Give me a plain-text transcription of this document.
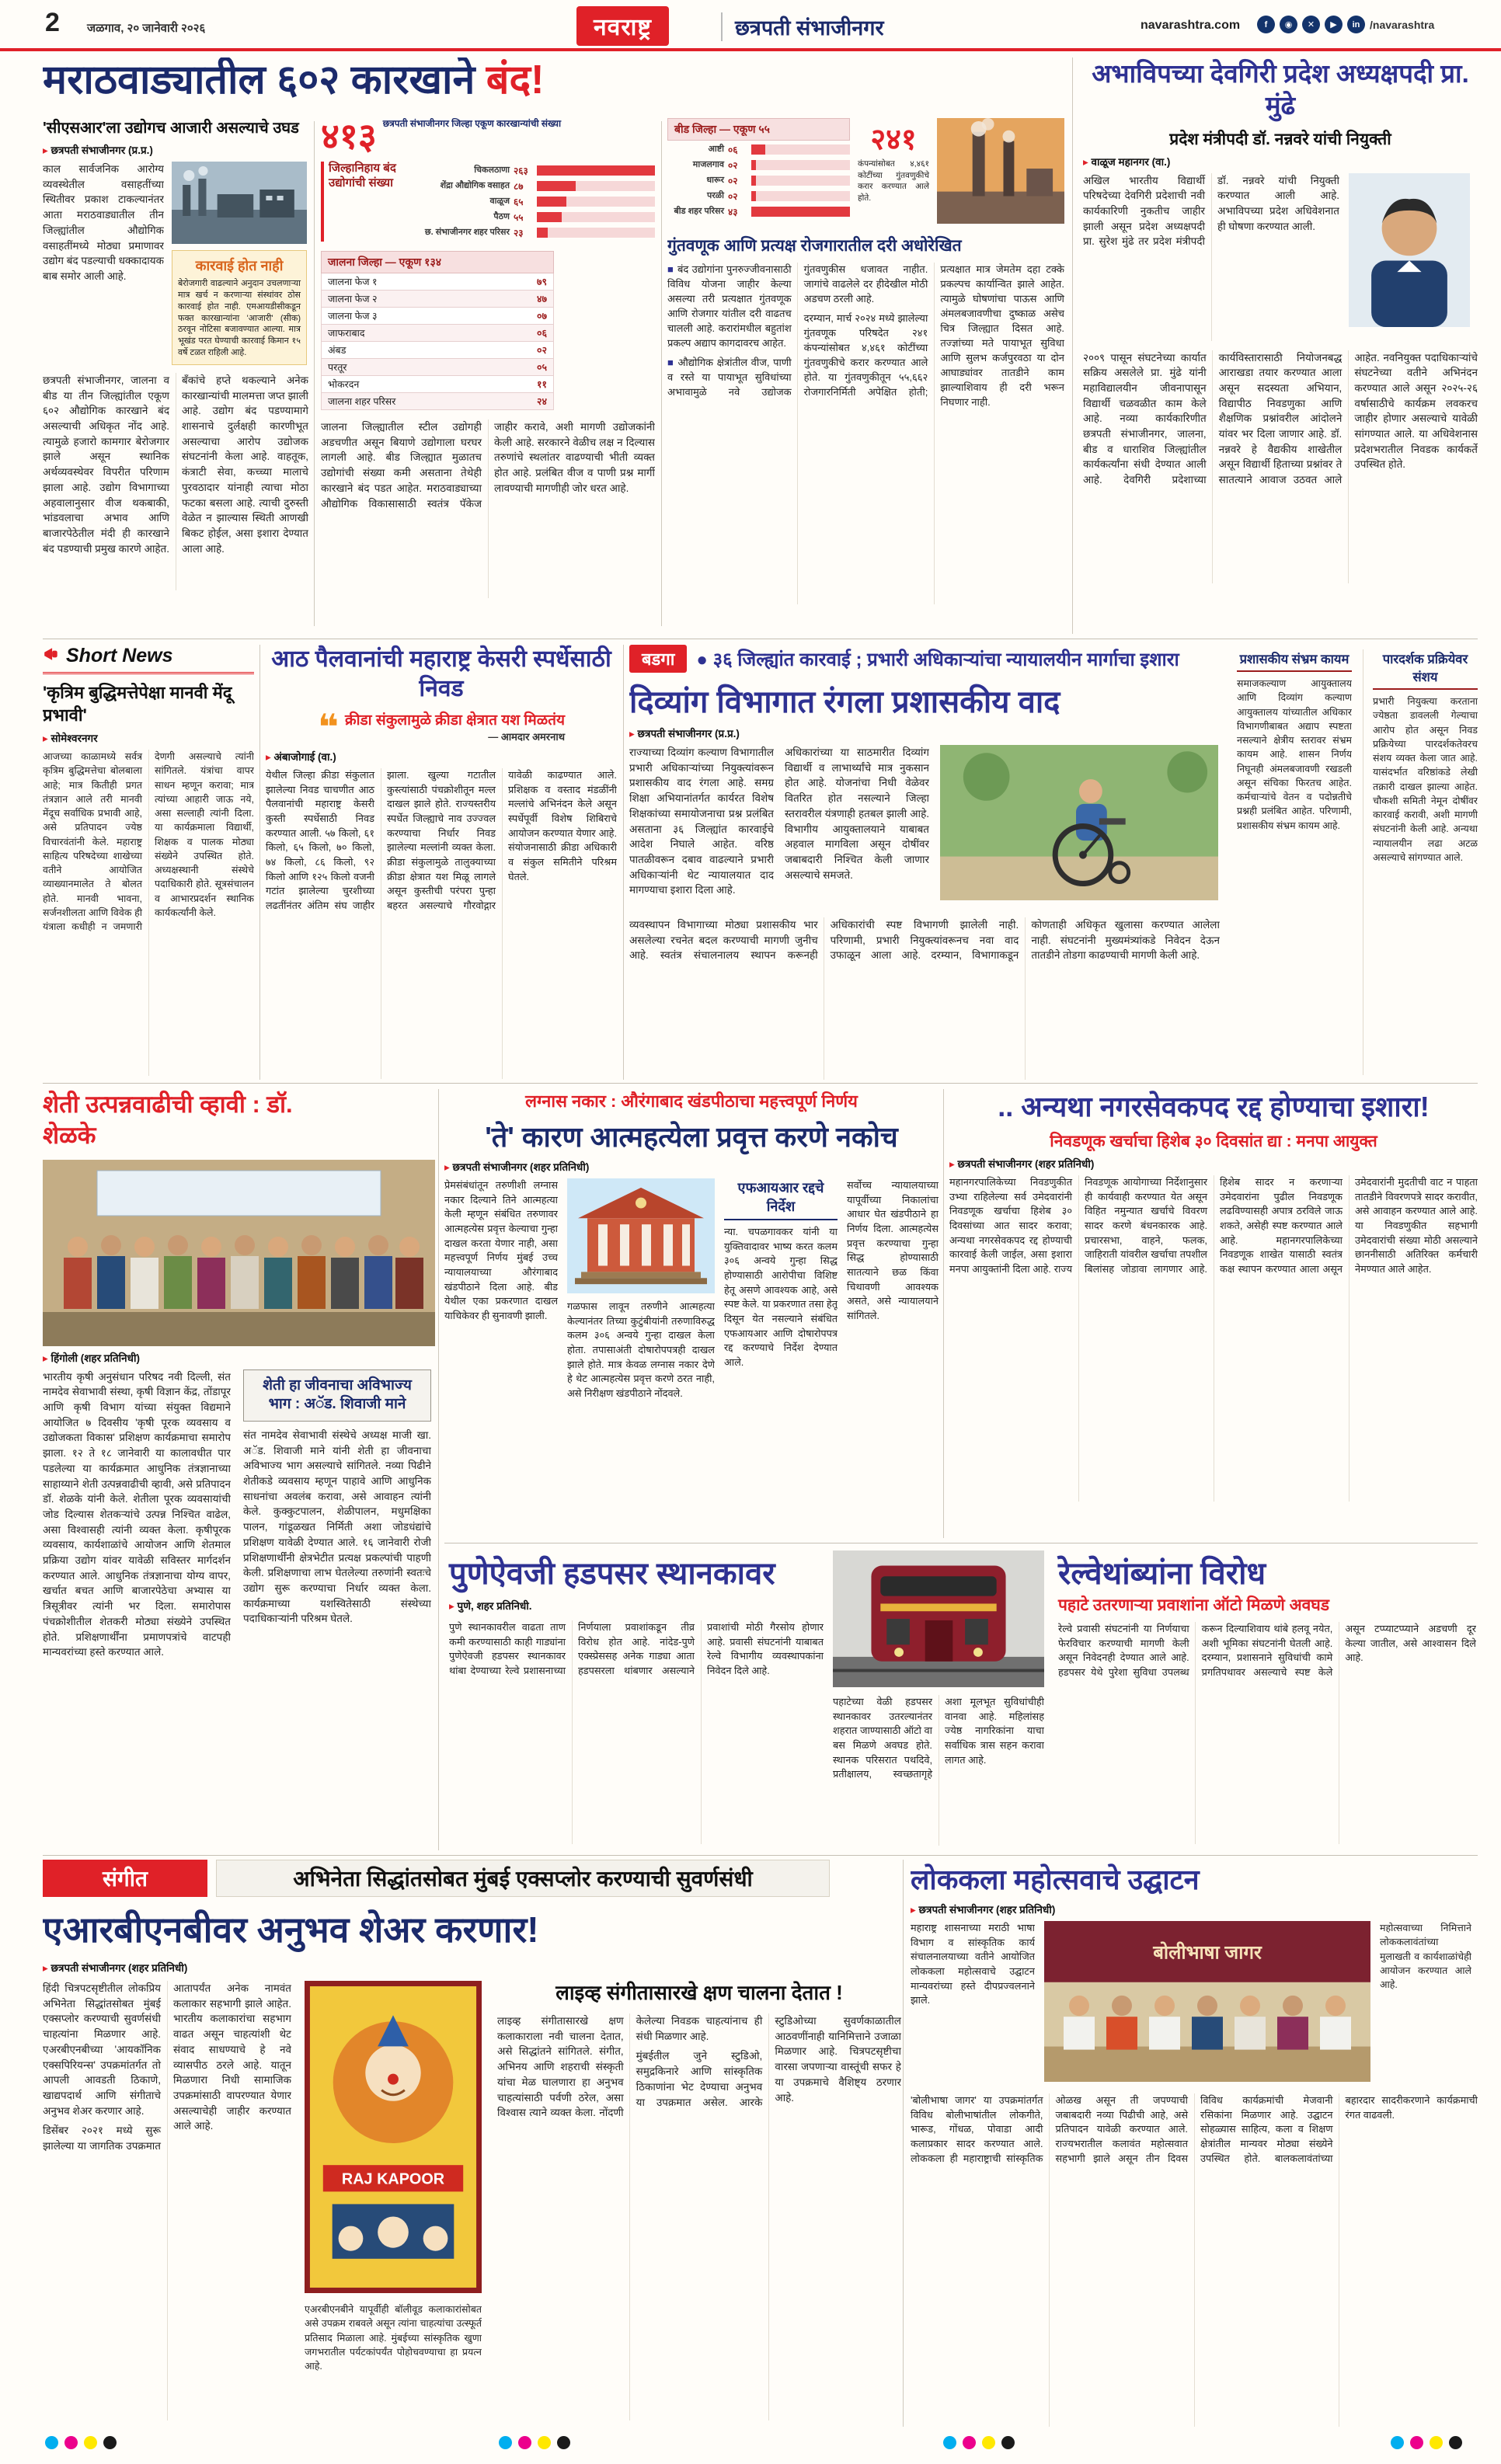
2 जळगाव, २० जानेवारी २०२६	नवराष्ट्र	छत्रपती संभाजीनगर	navarashtra.com	f	◉	✕	▶	in /navarashtra
मराठवाड्यातील ६०२ कारखाने बंद!
'सीएसआर'ला उद्योगच आजारी असल्याचे उघड
▸ छत्रपती संभाजीनगर (प्र.प्र.)
काल सार्वजनिक आरोग्य व्यवस्थेतील वसाहतींच्या स्थितीवर प्रकाश टाकल्यानंतर आता मराठवाड्यातील तीन जिल्ह्यांतील औद्योगिक वसाहतींमध्ये मोठ्या प्रमाणावर उद्योग बंद पडल्याची धक्कादायक बाब समोर आली आहे.
कारवाई होत नाही
बेरोजगारी वाढल्याने अनुदान उचलणाऱ्या मात्र खर्च न करणाऱ्या संस्थांवर ठोस कारवाई होत नाही. एमआयडीसीकडून फक्त कारखान्यांना 'आजारी' (सीक) ठरवून नोटिसा बजावण्यात आल्या. मात्र भूखंड परत घेण्याची कारवाई किमान १५ वर्षे टळत राहिली आहे.
छत्रपती संभाजीनगर, जालना व बीड या तीन जिल्ह्यांतील एकूण ६०२ औद्योगिक कारखाने बंद असल्याची अधिकृत नोंद आहे. त्यामुळे हजारो कामगार बेरोजगार झाले असून स्थानिक अर्थव्यवस्थेवर विपरीत परिणाम झाला आहे. उद्योग विभागाच्या अहवालानुसार वीज थकबाकी, भांडवलाचा अभाव आणि बाजारपेठेतील मंदी ही कारखाने बंद पडण्याची प्रमुख कारणे आहेत. बँकांचे हप्ते थकल्याने अनेक कारखान्यांची मालमत्ता जप्त झाली आहे. उद्योग बंद पडण्यामागे शासनाचे दुर्लक्षही कारणीभूत असल्याचा आरोप उद्योजक संघटनांनी केला आहे. वाहतूक, कंत्राटी सेवा, कच्च्या मालाचे पुरवठादार यांनाही त्याचा मोठा फटका बसला आहे. त्याची दुरुस्ती वेळेत न झाल्यास स्थिती आणखी बिकट होईल, असा इशारा देण्यात आला आहे.
४१३ छत्रपती संभाजीनगर जिल्हा एकूण कारखान्यांची संख्या
जिल्हानिहाय बंद उद्योगांची संख्या
चिकलठाणा २६३
शेंद्रा औद्योगिक वसाहत ८७
वाळूज ६५
पैठण ५५
छ. संभाजीनगर शहर परिसर २३
जालना जिल्हा — एकूण १३४
जालना फेज १	७९
जालना फेज २	४७
जालना फेज ३	०७
जाफराबाद	०६
अंबड	०२
परतूर	०५
भोकरदन	११
जालना शहर परिसर	२४
जालना जिल्ह्यातील स्टील उद्योगही अडचणीत असून बियाणे उद्योगाला घरघर लागली आहे. बीड जिल्ह्यात मुळातच उद्योगांची संख्या कमी असताना तेथेही कारखाने बंद पडत आहेत. मराठवाड्याच्या औद्योगिक विकासासाठी स्वतंत्र पॅकेज जाहीर करावे, अशी मागणी उद्योजकांनी केली आहे. सरकारने वेळीच लक्ष न दिल्यास तरुणांचे स्थलांतर वाढण्याची भीती व्यक्त होत आहे. प्रलंबित वीज व पाणी प्रश्न मार्गी लावण्याची मागणीही जोर धरत आहे.
बीड जिल्हा — एकूण ५५
आष्टी ०६
माजलगाव ०२
धारूर ०२
परळी ०२
बीड शहर परिसर ४३
२४१
कंपन्यांसोबत ४,४६१ कोटींच्या गुंतवणुकीचे करार करण्यात आले होते.
गुंतवणूक आणि प्रत्यक्ष रोजगारातील दरी अधोरेखित

■ बंद उद्योगांना पुनरुज्जीवनासाठी विविध योजना जाहीर केल्या असल्या तरी प्रत्यक्षात गुंतवणूक आणि रोजगार यांतील दरी वाढतच चालली आहे. करारांमधील बहुतांश प्रकल्प अद्याप कागदावरच आहेत.

■ औद्योगिक क्षेत्रांतील वीज, पाणी व रस्ते या पायाभूत सुविधांच्या अभावामुळे नवे उद्योजक गुंतवणुकीस धजावत नाहीत. जागांचे वाढलेले दर हीदेखील मोठी अडचण ठरली आहे.

दरम्यान, मार्च २०२४ मध्ये झालेल्या गुंतवणूक परिषदेत २४१ कंपन्यांसोबत ४,४६१ कोटींच्या गुंतवणुकीचे करार करण्यात आले होते. या गुंतवणुकीतून ५५,६६२ रोजगारनिर्मिती अपेक्षित होती; प्रत्यक्षात मात्र जेमतेम दहा टक्के प्रकल्पच कार्यान्वित झाले आहेत. त्यामुळे घोषणांचा पाऊस आणि अंमलबजावणीचा दुष्काळ असेच चित्र जिल्ह्यात दिसत आहे. तज्ज्ञांच्या मते पायाभूत सुविधा आणि सुलभ कर्जपुरवठा या दोन आघाड्यांवर तातडीने काम झाल्याशिवाय ही दरी भरून निघणार नाही.

अभाविपच्या देवगिरी प्रदेश अध्यक्षपदी प्रा. मुंढे
प्रदेश मंत्रीपदी डॉ. नन्नवरे यांची नियुक्ती
▸ वाळूज महानगर (वा.)
अखिल भारतीय विद्यार्थी परिषदेच्या देवगिरी प्रदेशाची नवी कार्यकारिणी नुकतीच जाहीर झाली असून प्रदेश अध्यक्षपदी प्रा. सुरेश मुंढे तर प्रदेश मंत्रीपदी डॉ. नन्नवरे यांची नियुक्ती करण्यात आली आहे. अभाविपच्या प्रदेश अधिवेशनात ही घोषणा करण्यात आली.
२००९ पासून संघटनेच्या कार्यात सक्रिय असलेले प्रा. मुंढे यांनी महाविद्यालयीन जीवनापासून विद्यार्थी चळवळीत काम केले आहे. नव्या कार्यकारिणीत छत्रपती संभाजीनगर, जालना, बीड व धाराशिव जिल्ह्यांतील कार्यकर्त्यांना संधी देण्यात आली आहे. देवगिरी प्रदेशाच्या कार्यविस्तारासाठी नियोजनबद्ध आराखडा तयार करण्यात आला असून सदस्यता अभियान, विद्यापीठ निवडणुका आणि शैक्षणिक प्रश्नांवरील आंदोलने यांवर भर दिला जाणार आहे. डॉ. नन्नवरे हे वैद्यकीय शाखेतील असून विद्यार्थी हिताच्या प्रश्नांवर ते सातत्याने आवाज उठवत आले आहेत. नवनियुक्त पदाधिकाऱ्यांचे संघटनेच्या वतीने अभिनंदन करण्यात आले असून २०२५-२६ वर्षासाठीचे कार्यक्रम लवकरच जाहीर होणार असल्याचे यावेळी सांगण्यात आले. या अधिवेशनास प्रदेशभरातील निवडक कार्यकर्ते उपस्थित होते.
Short News
'कृत्रिम बुद्धिमत्तेपेक्षा मानवी मेंदू प्रभावी'
▸ सोमेश्वरनगर
आजच्या काळामध्ये सर्वत्र कृत्रिम बुद्धिमत्तेचा बोलबाला आहे; मात्र कितीही प्रगत तंत्रज्ञान आले तरी मानवी मेंदूच सर्वाधिक प्रभावी आहे, असे प्रतिपादन ज्येष्ठ विचारवंतांनी केले. महाराष्ट्र साहित्य परिषदेच्या शाखेच्या वतीने आयोजित व्याख्यानमालेत ते बोलत होते. मानवी भावना, सर्जनशीलता आणि विवेक ही यंत्राला कधीही न जमणारी देणगी असल्याचे त्यांनी सांगितले. यंत्रांचा वापर साधन म्हणून करावा; मात्र त्यांच्या आहारी जाऊ नये, असा सल्लाही त्यांनी दिला. या कार्यक्रमाला विद्यार्थी, शिक्षक व पालक मोठ्या संख्येने उपस्थित होते. अध्यक्षस्थानी संस्थेचे पदाधिकारी होते. सूत्रसंचालन व आभारप्रदर्शन स्थानिक कार्यकर्त्यांनी केले.
आठ पैलवानांची महाराष्ट्र केसरी स्पर्धेसाठी निवड
❝ क्रीडा संकुलामुळे क्रीडा क्षेत्रात यश मिळतंय
— आमदार अमरनाथ
▸ अंबाजोगाई (वा.)
येथील जिल्हा क्रीडा संकुलात झालेल्या निवड चाचणीत आठ पैलवानांची महाराष्ट्र केसरी कुस्ती स्पर्धेसाठी निवड करण्यात आली. ५७ किलो, ६१ किलो, ६५ किलो, ७० किलो, ७४ किलो, ८६ किलो, ९२ किलो आणि १२५ किलो वजनी गटांत झालेल्या चुरशीच्या लढतींनंतर अंतिम संघ जाहीर झाला. खुल्या गटातील कुस्त्यांसाठी पंचक्रोशीतून मल्ल दाखल झाले होते. राज्यस्तरीय स्पर्धेत जिल्ह्याचे नाव उज्ज्वल करण्याचा निर्धार निवड झालेल्या मल्लांनी व्यक्त केला. क्रीडा संकुलामुळे तालुक्याच्या क्रीडा क्षेत्रात यश मिळू लागले असून कुस्तीची परंपरा पुन्हा बहरत असल्याचे गौरवोद्गार यावेळी काढण्यात आले. प्रशिक्षक व वस्ताद मंडळींनी मल्लांचे अभिनंदन केले असून स्पर्धेपूर्वी विशेष शिबिराचे आयोजन करण्यात येणार आहे. संयोजनासाठी क्रीडा अधिकारी व संकुल समितीने परिश्रम घेतले.
बडगा	● ३६ जिल्ह्यांत कारवाई ; प्रभारी अधिकाऱ्यांचा न्यायालयीन मार्गाचा इशारा
दिव्यांग विभागात रंगला प्रशासकीय वाद
▸ छत्रपती संभाजीनगर (प्र.प्र.)
राज्याच्या दिव्यांग कल्याण विभागातील प्रभारी अधिकाऱ्यांच्या नियुक्त्यांवरून प्रशासकीय वाद रंगला आहे. समग्र शिक्षा अभियानांतर्गत कार्यरत विशेष शिक्षकांच्या समायोजनाचा प्रश्न प्रलंबित असताना ३६ जिल्ह्यांत कारवाईचे आदेश निघाले आहेत. वरिष्ठ पातळीवरून दबाव वाढल्याने प्रभारी अधिकाऱ्यांनी थेट न्यायालयात दाद मागण्याचा इशारा दिला आहे.
अधिकारांच्या या साठमारीत दिव्यांग विद्यार्थी व लाभार्थ्यांचे मात्र नुकसान होत आहे. योजनांचा निधी वेळेवर वितरित होत नसल्याने जिल्हा स्तरावरील यंत्रणाही हतबल झाली आहे. विभागीय आयुक्तालयाने याबाबत अहवाल मागविला असून दोषींवर जबाबदारी निश्चित केली जाणार असल्याचे समजते.
व्यवस्थापन विभागाच्या मोठ्या प्रशासकीय भार असलेल्या रचनेत बदल करण्याची मागणी जुनीच आहे. स्वतंत्र संचालनालय स्थापन करूनही अधिकारांची स्पष्ट विभागणी झालेली नाही. परिणामी, प्रभारी नियुक्त्यांवरूनच नवा वाद उफाळून आला आहे. दरम्यान, विभागाकडून कोणताही अधिकृत खुलासा करण्यात आलेला नाही. संघटनांनी मुख्यमंत्र्यांकडे निवेदन देऊन तातडीने तोडगा काढण्याची मागणी केली आहे.
प्रशासकीय संभ्रम कायम
समाजकल्याण आयुक्तालय आणि दिव्यांग कल्याण आयुक्तालय यांच्यातील अधिकार विभागणीबाबत अद्याप स्पष्टता नसल्याने क्षेत्रीय स्तरावर संभ्रम कायम आहे. शासन निर्णय निघूनही अंमलबजावणी रखडली असून संचिका फिरतच आहेत. कर्मचाऱ्यांचे वेतन व पदोन्नतीचे प्रश्नही प्रलंबित आहेत. परिणामी, प्रशासकीय संभ्रम कायम आहे.
पारदर्शक प्रक्रियेवर संशय
प्रभारी नियुक्त्या करताना ज्येष्ठता डावलली गेल्याचा आरोप होत असून निवड प्रक्रियेच्या पारदर्शकतेवरच संशय व्यक्त केला जात आहे. यासंदर्भात वरिष्ठांकडे लेखी तक्रारी दाखल झाल्या आहेत. चौकशी समिती नेमून दोषींवर कारवाई करावी, अशी मागणी संघटनांनी केली आहे. अन्यथा न्यायालयीन लढा अटळ असल्याचे सांगण्यात आले.
शेती उत्पन्नवाढीची व्हावी : डॉ. शेळके
▸ हिंगोली (शहर प्रतिनिधी)
भारतीय कृषी अनुसंधान परिषद नवी दिल्ली, संत नामदेव सेवाभावी संस्था, कृषी विज्ञान केंद्र, तोंडापूर आणि कृषी विभाग यांच्या संयुक्त विद्यमाने आयोजित ७ दिवसीय 'कृषी पूरक व्यवसाय व उद्योजकता विकास' प्रशिक्षण कार्यक्रमाचा समारोप झाला. १२ ते १८ जानेवारी या कालावधीत पार पडलेल्या या कार्यक्रमात आधुनिक तंत्रज्ञानाच्या साहाय्याने शेती उत्पन्नवाढीची व्हावी, असे प्रतिपादन डॉ. शेळके यांनी केले. शेतीला पूरक व्यवसायांची जोड दिल्यास शेतकऱ्यांचे उत्पन्न निश्चित वाढेल, असा विश्वासही त्यांनी व्यक्त केला. कृषीपूरक व्यवसाय, कार्यशाळांचे आयोजन आणि शेतमाल प्रक्रिया उद्योग यांवर यावेळी सविस्तर मार्गदर्शन करण्यात आले. आधुनिक तंत्रज्ञानाचा योग्य वापर, खर्चात बचत आणि बाजारपेठेचा अभ्यास या त्रिसूत्रीवर त्यांनी भर दिला. समारोपास पंचक्रोशीतील शेतकरी मोठ्या संख्येने उपस्थित होते. प्रशिक्षणार्थींना प्रमाणपत्रांचे वाटपही मान्यवरांच्या हस्ते करण्यात आले.
शेती हा जीवनाचा अविभाज्य भाग : अॅड. शिवाजी माने
संत नामदेव सेवाभावी संस्थेचे अध्यक्ष माजी खा. अॅड. शिवाजी माने यांनी शेती हा जीवनाचा अविभाज्य भाग असल्याचे सांगितले. नव्या पिढीने शेतीकडे व्यवसाय म्हणून पाहावे आणि आधुनिक साधनांचा अवलंब करावा, असे आवाहन त्यांनी केले. कुक्कुटपालन, शेळीपालन, मधुमक्षिका पालन, गांडूळखत निर्मिती अशा जोडधंद्यांचे प्रशिक्षण यावेळी देण्यात आले. १६ जानेवारी रोजी प्रशिक्षणार्थींनी क्षेत्रभेटीत प्रत्यक्ष प्रकल्पांची पाहणी केली. प्रशिक्षणाचा लाभ घेतलेल्या तरुणांनी स्वतःचे उद्योग सुरू करण्याचा निर्धार व्यक्त केला. कार्यक्रमाच्या यशस्वितेसाठी संस्थेच्या पदाधिकाऱ्यांनी परिश्रम घेतले.
लग्नास नकार : औरंगाबाद खंडपीठाचा महत्त्वपूर्ण निर्णय
'ते' कारण आत्महत्येला प्रवृत्त करणे नकोच
▸ छत्रपती संभाजीनगर (शहर प्रतिनिधी)
प्रेमसंबंधांतून तरुणीशी लग्नास नकार दिल्याने तिने आत्महत्या केली म्हणून संबंधित तरुणावर आत्महत्येस प्रवृत्त केल्याचा गुन्हा दाखल करता येणार नाही, असा महत्त्वपूर्ण निर्णय मुंबई उच्च न्यायालयाच्या औरंगाबाद खंडपीठाने दिला आहे. बीड येथील एका प्रकरणात दाखल याचिकेवर ही सुनावणी झाली.
गळफास लावून तरुणीने आत्महत्या केल्यानंतर तिच्या कुटुंबीयांनी तरुणाविरुद्ध कलम ३०६ अन्वये गुन्हा दाखल केला होता. तपासाअंती दोषारोपपत्रही दाखल झाले होते. मात्र केवळ लग्नास नकार देणे हे थेट आत्महत्येस प्रवृत्त करणे ठरत नाही, असे निरीक्षण खंडपीठाने नोंदवले.
एफआयआर रद्दचे निर्देश
न्या. चपळगावकर यांनी या युक्तिवादावर भाष्य करत कलम ३०६ अन्वये गुन्हा सिद्ध होण्यासाठी आरोपीचा विशिष्ट हेतू असणे आवश्यक आहे, असे स्पष्ट केले. या प्रकरणात तसा हेतू दिसून येत नसल्याने संबंधित एफआयआर आणि दोषारोपपत्र रद्द करण्याचे निर्देश देण्यात आले.
सर्वोच्च न्यायालयाच्या यापूर्वीच्या निकालांचा आधार घेत खंडपीठाने हा निर्णय दिला. आत्महत्येस प्रवृत्त करण्याचा गुन्हा सिद्ध होण्यासाठी सातत्याने छळ किंवा चिथावणी आवश्यक असते, असे न्यायालयाने सांगितले.
.. अन्यथा नगरसेवकपद रद्द होण्याचा इशारा!
निवडणूक खर्चाचा हिशेब ३० दिवसांत द्या : मनपा आयुक्त
▸ छत्रपती संभाजीनगर (शहर प्रतिनिधी)
महानगरपालिकेच्या निवडणुकीत उभ्या राहिलेल्या सर्व उमेदवारांनी निवडणूक खर्चाचा हिशेब ३० दिवसांच्या आत सादर करावा; अन्यथा नगरसेवकपद रद्द होण्याची कारवाई केली जाईल, असा इशारा मनपा आयुक्तांनी दिला आहे. राज्य निवडणूक आयोगाच्या निर्देशानुसार ही कार्यवाही करण्यात येत असून विहित नमुन्यात खर्चाचे विवरण सादर करणे बंधनकारक आहे. प्रचारसभा, वाहने, फलक, जाहिराती यांवरील खर्चाचा तपशील बिलांसह जोडावा लागणार आहे. हिशेब सादर न करणाऱ्या उमेदवारांना पुढील निवडणूक लढविण्यासही अपात्र ठरविले जाऊ शकते, असेही स्पष्ट करण्यात आले आहे. महानगरपालिकेच्या निवडणूक शाखेत यासाठी स्वतंत्र कक्ष स्थापन करण्यात आला असून उमेदवारांनी मुदतीची वाट न पाहता तातडीने विवरणपत्रे सादर करावीत, असे आवाहन करण्यात आले आहे. या निवडणुकीत सहभागी उमेदवारांची संख्या मोठी असल्याने छाननीसाठी अतिरिक्त कर्मचारी नेमण्यात आले आहेत.
पुणेऐवजी हडपसर स्थानकावर
▸ पुणे, शहर प्रतिनिधी.
पुणे स्थानकावरील वाढता ताण कमी करण्यासाठी काही गाड्यांना पुणेऐवजी हडपसर स्थानकावर थांबा देण्याच्या रेल्वे प्रशासनाच्या निर्णयाला प्रवाशांकडून तीव्र विरोध होत आहे. नांदेड-पुणे एक्स्प्रेससह अनेक गाड्या आता हडपसरला थांबणार असल्याने प्रवाशांची मोठी गैरसोय होणार आहे. प्रवासी संघटनांनी याबाबत रेल्वे विभागीय व्यवस्थापकांना निवेदन दिले आहे.
पहाटेच्या वेळी हडपसर स्थानकावर उतरल्यानंतर शहरात जाण्यासाठी ऑटो वा बस मिळणे अवघड होते. स्थानक परिसरात पथदिवे, प्रतीक्षालय, स्वच्छतागृहे अशा मूलभूत सुविधांचीही वानवा आहे. महिलांसह ज्येष्ठ नागरिकांना याचा सर्वाधिक त्रास सहन करावा लागत आहे.
रेल्वेथांब्यांना विरोध
पहाटे उतरणाऱ्या प्रवाशांना ऑटो मिळणे अवघड
रेल्वे प्रवासी संघटनांनी या निर्णयाचा फेरविचार करण्याची मागणी केली असून निवेदनही देण्यात आले आहे. हडपसर येथे पुरेशा सुविधा उपलब्ध करून दिल्याशिवाय थांबे हलवू नयेत, अशी भूमिका संघटनांनी घेतली आहे. दरम्यान, प्रशासनाने सुविधांची कामे प्रगतिपथावर असल्याचे स्पष्ट केले असून टप्प्याटप्प्याने अडचणी दूर केल्या जातील, असे आश्वासन दिले आहे.
संगीत	अभिनेता सिद्धांतसोबत मुंबई एक्सप्लोर करण्याची सुवर्णसंधी
एआरबीएनबीवर अनुभव शेअर करणार!
▸ छत्रपती संभाजीनगर (शहर प्रतिनिधी)

हिंदी चित्रपटसृष्टीतील लोकप्रिय अभिनेता सिद्धांतसोबत मुंबई एक्सप्लोर करण्याची सुवर्णसंधी चाहत्यांना मिळणार आहे. एअरबीएनबीच्या 'आयकॉनिक एक्सपिरियन्स' उपक्रमांतर्गत तो आपली आवडती ठिकाणे, खाद्यपदार्थ आणि संगीताचे अनुभव शेअर करणार आहे.

डिसेंबर २०२१ मध्ये सुरू झालेल्या या जागतिक उपक्रमात आतापर्यंत अनेक नामवंत कलाकार सहभागी झाले आहेत. भारतीय कलाकारांचा सहभाग वाढत असून चाहत्यांशी थेट संवाद साधण्याचे हे नवे व्यासपीठ ठरले आहे. यातून मिळणारा निधी सामाजिक उपक्रमांसाठी वापरण्यात येणार असल्याचेही जाहीर करण्यात आले आहे.

RAJ KAPOOR
एअरबीएनबीने यापूर्वीही बॉलीवूड कलाकारांसोबत असे उपक्रम राबवले असून त्यांना चाहत्यांचा उत्स्फूर्त प्रतिसाद मिळाला आहे. मुंबईच्या सांस्कृतिक खुणा जगभरातील पर्यटकांपर्यंत पोहोचवण्याचा हा प्रयत्न आहे.
लाइव्ह संगीतासारखे क्षण चालना देतात !

लाइव्ह संगीतासारखे क्षण कलाकाराला नवी चालना देतात, असे सिद्धांतने सांगितले. संगीत, अभिनय आणि शहराची संस्कृती यांचा मेळ घालणारा हा अनुभव चाहत्यांसाठी पर्वणी ठरेल, असा विश्वास त्याने व्यक्त केला. नोंदणी केलेल्या निवडक चाहत्यांनाच ही संधी मिळणार आहे.

मुंबईतील जुने स्टुडिओ, समुद्रकिनारे आणि सांस्कृतिक ठिकाणांना भेट देण्याचा अनुभव या उपक्रमात असेल. आरके स्टुडिओच्या सुवर्णकाळातील आठवणींनाही यानिमित्ताने उजाळा मिळणार आहे. चित्रपटसृष्टीचा वारसा जपणाऱ्या वास्तूंची सफर हे या उपक्रमाचे वैशिष्ट्य ठरणार आहे.

लोककला महोत्सवाचे उद्घाटन
▸ छत्रपती संभाजीनगर (शहर प्रतिनिधी)
महाराष्ट्र शासनाच्या मराठी भाषा विभाग व सांस्कृतिक कार्य संचालनालयाच्या वतीने आयोजित लोककला महोत्सवाचे उद्घाटन मान्यवरांच्या हस्ते दीपप्रज्वलनाने झाले.
बोलीभाषा जागर
महोत्सवाच्या निमित्ताने लोककलावंतांच्या मुलाखती व कार्यशाळांचेही आयोजन करण्यात आले आहे.
'बोलीभाषा जागर' या उपक्रमांतर्गत विविध बोलीभाषांतील लोकगीते, भारूड, गोंधळ, पोवाडा आदी कलाप्रकार सादर करण्यात आले. लोककला ही महाराष्ट्राची सांस्कृतिक ओळख असून ती जपण्याची जबाबदारी नव्या पिढीची आहे, असे प्रतिपादन यावेळी करण्यात आले. राज्यभरातील कलावंत महोत्सवात सहभागी झाले असून तीन दिवस विविध कार्यक्रमांची मेजवानी रसिकांना मिळणार आहे. उद्घाटन सोहळ्यास साहित्य, कला व शिक्षण क्षेत्रांतील मान्यवर मोठ्या संख्येने उपस्थित होते. बालकलावंतांच्या बहारदार सादरीकरणाने कार्यक्रमाची रंगत वाढवली.
